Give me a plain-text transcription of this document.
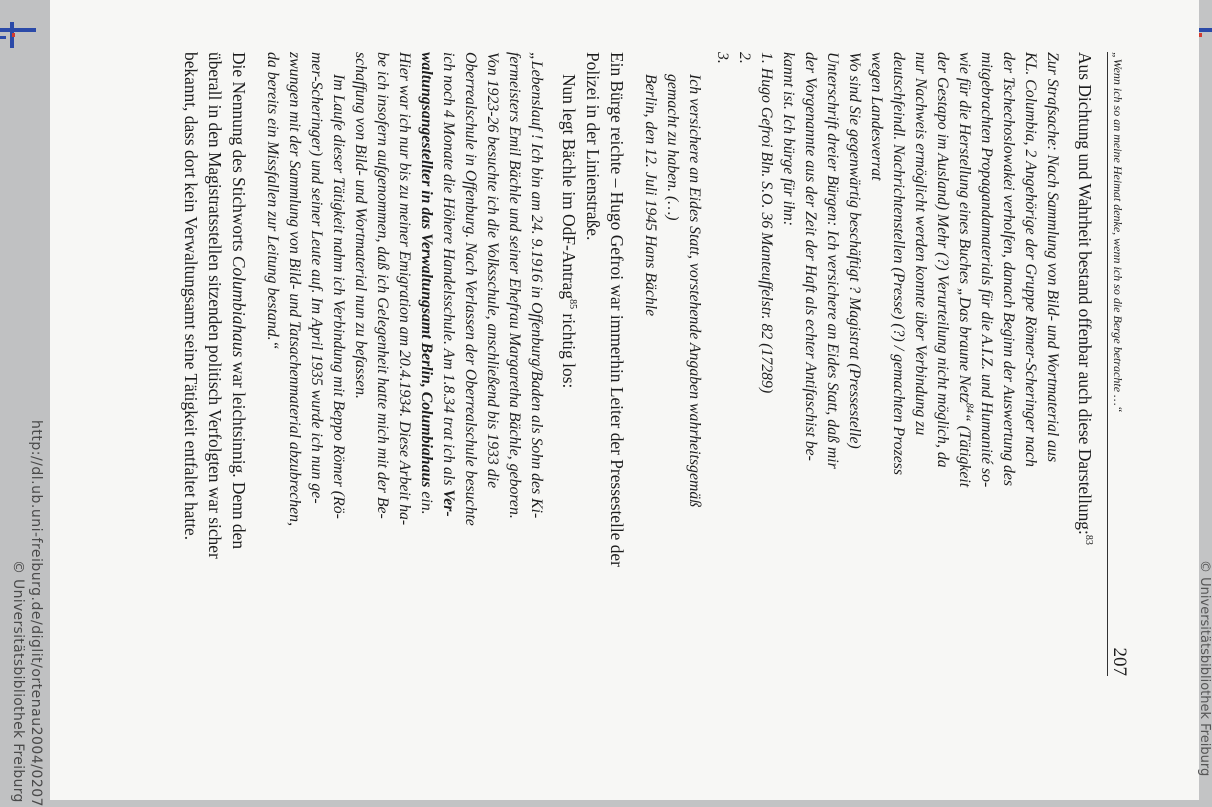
http://dl.ub.uni-freiburg.de/diglit/ortenau2004/0207
© Universitätsbibliothek Freiburg	© Universitätsbibliothek Freiburg
„Wenn ich so an meine Heimat denke, wenn ich so die Berge betrachte …“
207

Aus Dichtung und Wahrheit bestand offenbar auch diese Darstellung:$^{83}$

Zur Strafsache: Nach Sammlung von Bild- und Wortmaterial aus

KL. Columbia, 2 Angehörige der Gruppe Römer-Scheringer nach

der Tschechoslowakei verholfen, danach Beginn der Auswertung des

mitgebrachten Propagandamaterials für die A.I.Z. und Humanité so-

wie für die Herstellung eines Buches „Das braune Netz$^{84}$“ (Tätigkeit

der Gestapo im Ausland) Mehr (?) Verurteilung nicht möglich, da

nur Nachweis ermöglicht werden konnte über Verbindung zu

deutschfeindl. Nachrichtenstellen (Presse) (?) / gemachten Prozess

wegen Landesverrat

Wo sind Sie gegenwärtig beschäftigt ? Magistrat (Pressestelle)

Unterschrift dreier Bürgen: Ich versichere an Eides Statt, daß mir

der Vorgenannte aus der Zeit der Haft als echter Antifaschist be-

kannt ist. Ich bürge für ihn:

1. Hugo Gefroi Bln. S.O. 36 Manteuffelstr. 82 (17289)

2.

3.

Ich versichere an Eides Statt, vorstehende Angaben wahrheitsgemäß

gemacht zu haben. (…)

Berlin, den 12. Juli 1945 Hans Bächle

Ein Bürge reichte – Hugo Gefroi war immerhin Leiter der Pressestelle der

Polizei in der Linienstraße.

Nun legt Bächle im OdF-Antrag$^{85}$ richtig los:

„Lebenslauf ! Ich bin am 24. 9.1916 in Offenburg/Baden als Sohn des Ki-

fermeisters Emil Bächle und seiner Ehefrau Margaretha Bächle, geboren.

Von 1923-26 besuchte ich die Volksschule, anschließend bis 1933 die

Oberrealschule in Offenburg. Nach Verlassen der Oberrealschule besuchte

ich noch 4 Monate die Höhere Handelsschule. Am 1.8.34 trat ich als Ver-

waltungsangestellter in das Verwaltungsamt Berlin, Columbiahaus ein.

Hier war ich nur bis zu meiner Emigration am 20.4.1934. Diese Arbeit ha-

be ich insofern aufgenommen, daß ich Gelegenheit hatte mich mit der Be-

schaffung von Bild- und Wortmaterial nun zu befassen.

Im Laufe dieser Tätigkeit nahm ich Verbindung mit Beppo Römer (Rö-

mer-Scheringer) und seiner Leute auf. Im April 1935 wurde ich nun ge-

zwungen mit der Sammlung von Bild- und Tatsachenmaterial abzubrechen,

da bereits ein Missfallen zur Leitung bestand.“

Die Nennung des Stichworts Columbiahaus war leichtsinnig. Denn den

überall in den Magistratsstellen sitzenden politisch Verfolgten war sicher

bekannt, dass dort kein Verwaltungsamt seine Tätigkeit entfaltet hatte.
